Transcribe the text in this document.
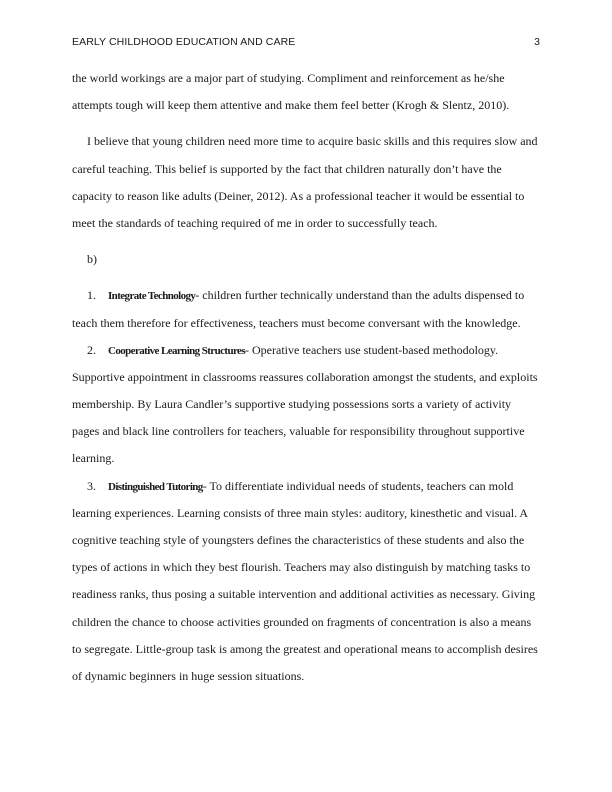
EARLY CHILDHOOD EDUCATION AND CARE	3
the world workings are a major part of studying. Compliment and reinforcement as he/she
attempts tough will keep them attentive and make them feel better (Krogh & Slentz, 2010).
I believe that young children need more time to acquire basic skills and this requires slow and
careful teaching. This belief is supported by the fact that children naturally don’t have the
capacity to reason like adults (Deiner, 2012). As a professional teacher it would be essential to
meet the standards of teaching required of me in order to successfully teach.
b)
1. Integrate Technology- children further technically understand than the adults dispensed to
teach them therefore for effectiveness, teachers must become conversant with the knowledge.
2. Cooperative Learning Structures- Operative teachers use student-based methodology.
Supportive appointment in classrooms reassures collaboration amongst the students, and exploits
membership. By Laura Candler’s supportive studying possessions sorts a variety of activity
pages and black line controllers for teachers, valuable for responsibility throughout supportive
learning.
3. Distinguished Tutoring- To differentiate individual needs of students, teachers can mold
learning experiences. Learning consists of three main styles: auditory, kinesthetic and visual. A
cognitive teaching style of youngsters defines the characteristics of these students and also the
types of actions in which they best flourish. Teachers may also distinguish by matching tasks to
readiness ranks, thus posing a suitable intervention and additional activities as necessary. Giving
children the chance to choose activities grounded on fragments of concentration is also a means
to segregate. Little-group task is among the greatest and operational means to accomplish desires
of dynamic beginners in huge session situations.
